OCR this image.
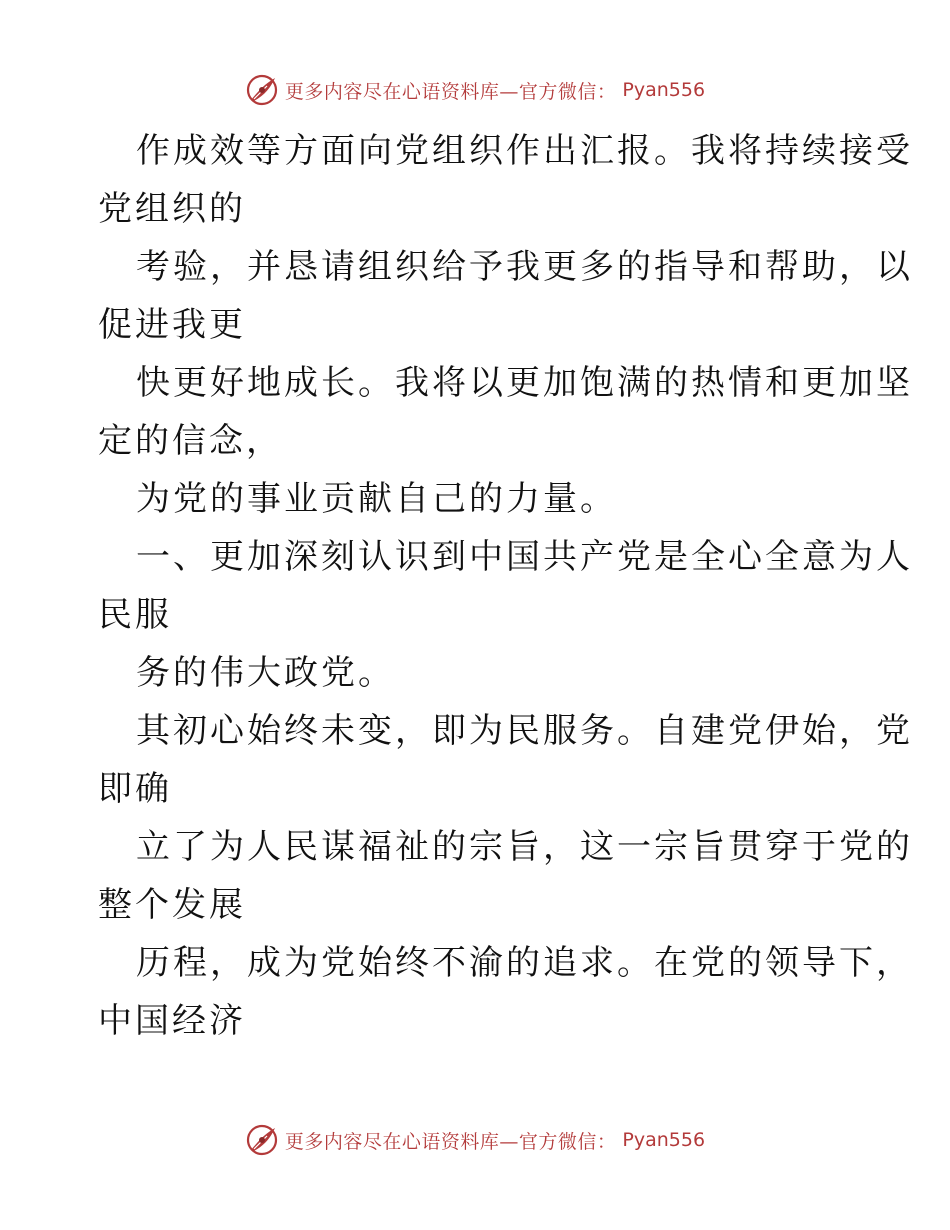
更多内容尽在心语资料库—官方微信： Pyan556
作成效等方面向党组织作出汇报。我将持续接受
党组织的
考验，并恳请组织给予我更多的指导和帮助，以
促进我更
快更好地成长。我将以更加饱满的热情和更加坚
定的信念，
为党的事业贡献自己的力量。
一、更加深刻认识到中国共产党是全心全意为人
民服
务的伟大政党。
其初心始终未变，即为民服务。自建党伊始，党
即确
立了为人民谋福祉的宗旨，这一宗旨贯穿于党的
整个发展
历程，成为党始终不渝的追求。在党的领导下，
中国经济
更多内容尽在心语资料库—官方微信： Pyan556
